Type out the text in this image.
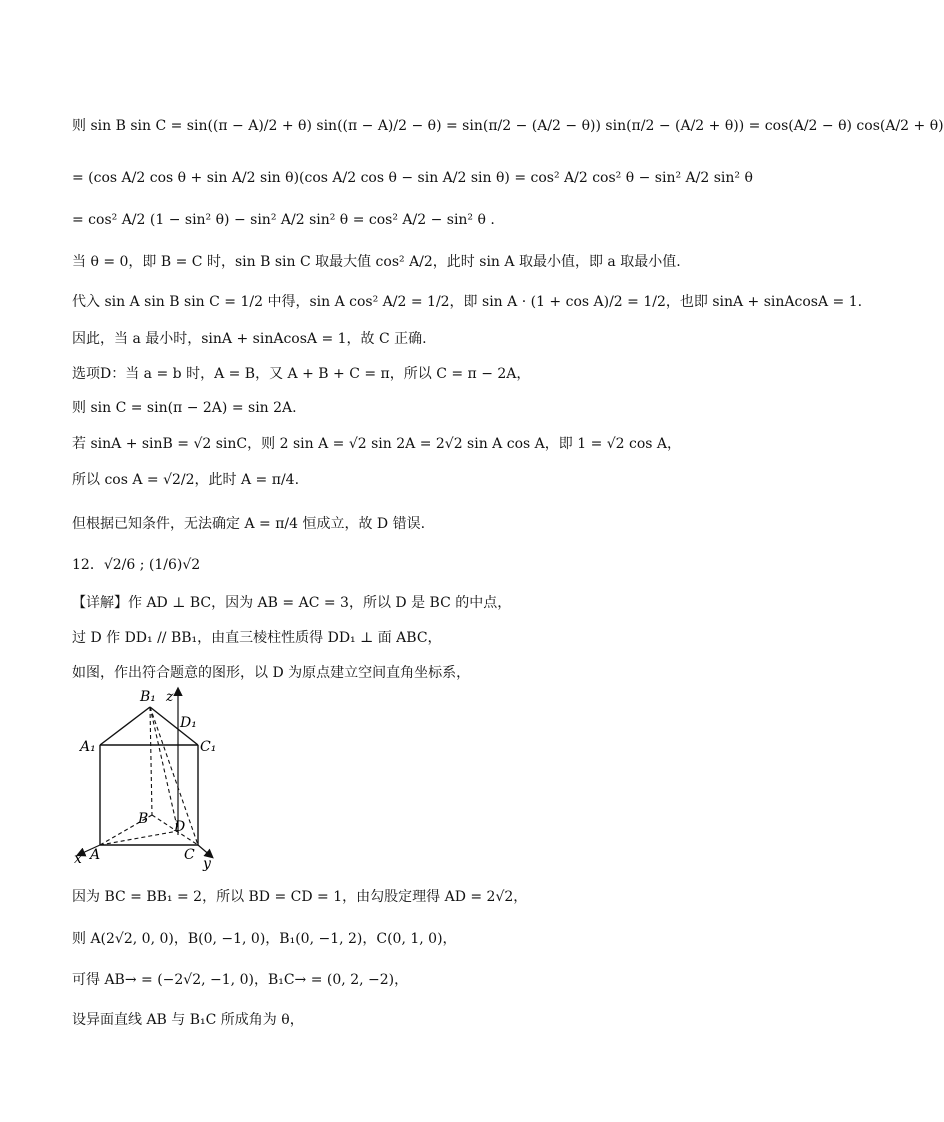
则 sin B sin C = sin((π − A)/2 + θ) sin((π − A)/2 − θ) = sin(π/2 − (A/2 − θ)) sin(π/2 − (A/2 + θ)) = cos(A/2 − θ) cos(A/2 + θ)
= (cos A/2 cos θ + sin A/2 sin θ)(cos A/2 cos θ − sin A/2 sin θ) = cos² A/2 cos² θ − sin² A/2 sin² θ
= cos² A/2 (1 − sin² θ) − sin² A/2 sin² θ = cos² A/2 − sin² θ .
当 θ = 0，即 B = C 时，sin B sin C 取最大值 cos² A/2，此时 sin A 取最小值，即 a 取最小值.
代入 sin A sin B sin C = 1/2 中得，sin A cos² A/2 = 1/2，即 sin A · (1 + cos A)/2 = 1/2，也即 sinA + sinAcosA = 1.
因此，当 a 最小时，sinA + sinAcosA = 1，故 C 正确.
选项D：当 a = b 时，A = B，又 A + B + C = π，所以 C = π − 2A，
则 sin C = sin(π − 2A) = sin 2A.
若 sinA + sinB = √2 sinC，则 2 sin A = √2 sin 2A = 2√2 sin A cos A，即 1 = √2 cos A，
所以 cos A = √2/2，此时 A = π/4.
但根据已知条件，无法确定 A = π/4 恒成立，故 D 错误.
12．√2/6 ; (1/6)√2
【详解】作 AD ⊥ BC，因为 AB = AC = 3，所以 D 是 BC 的中点，
过 D 作 DD₁ // BB₁，由直三棱柱性质得 DD₁ ⊥ 面 ABC，
如图，作出符合题意的图形，以 D 为原点建立空间直角坐标系，
z
B₁
D₁
A₁	C₁
B D
x A	C
y
因为 BC = BB₁ = 2，所以 BD = CD = 1，由勾股定理得 AD = 2√2，
则 A(2√2, 0, 0)，B(0, −1, 0)，B₁(0, −1, 2)，C(0, 1, 0)，
可得 AB→ = (−2√2, −1, 0)，B₁C→ = (0, 2, −2)，
设异面直线 AB 与 B₁C 所成角为 θ，
